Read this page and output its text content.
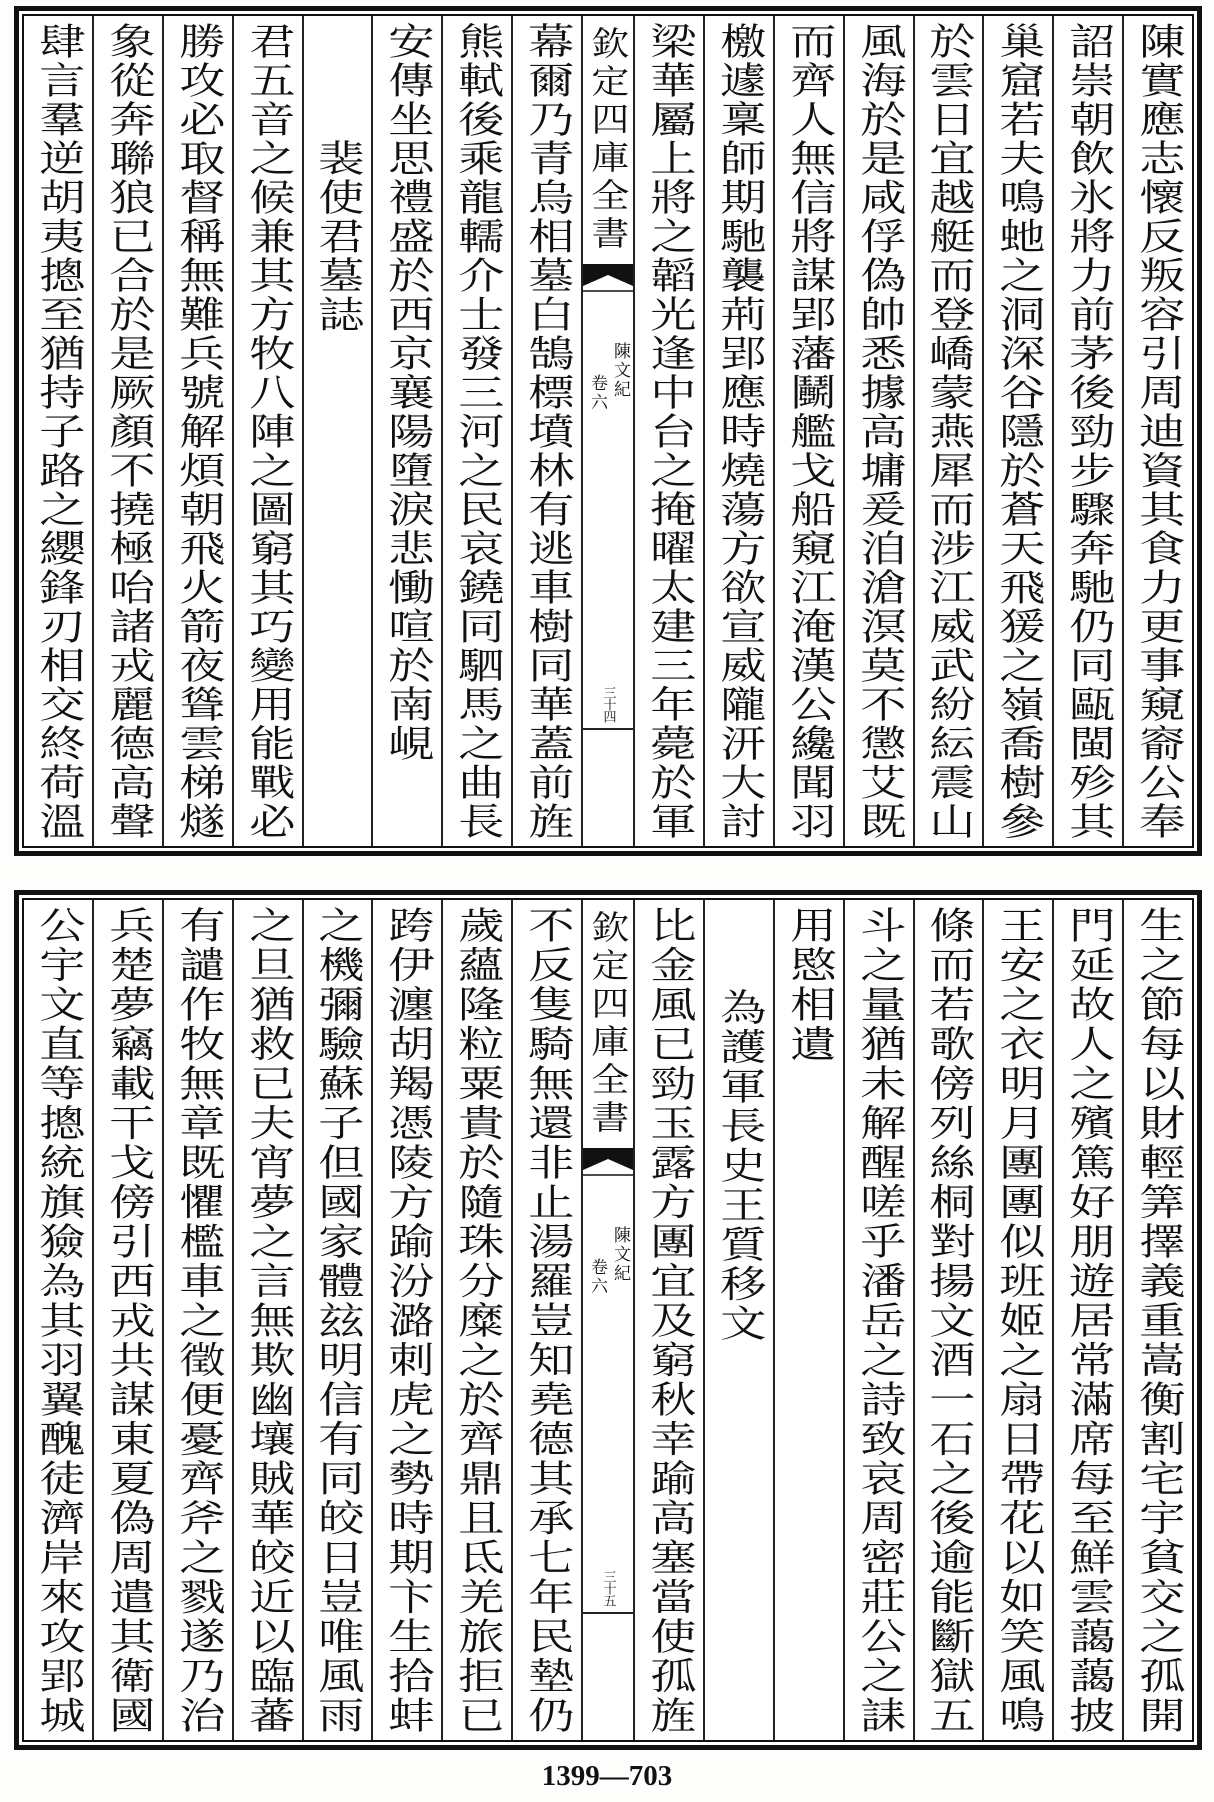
陳實應志懷反叛容引周迪資其食力更事窺窬公奉
詔崇朝飲氷將力前茅後勁步驟奔馳仍同甌閩殄其
巢窟若夫鳴虵之洞深谷隱於蒼天飛猨之嶺喬樹參
於雲日宜越艇而登嶠蒙燕犀而涉江威武紛紜震山
風海於是咸俘偽帥悉據高墉爰洎滄溟莫不懲艾既
而齊人無信將謀郢藩鬭艦戈船窺江淹漢公纔聞羽
檄遽稟師期馳襲荊郢應時燒蕩方欲宣威隴汧大討
梁華屬上將之韜光逢中台之掩曜太建三年薨於軍
欽定四庫全書
陳文紀
卷六
三十四
幕爾乃青烏相墓白鵠標墳林有逃車樹同華蓋前旌
熊軾後乘龍轜介士發三河之民哀鐃同駟馬之曲長
安傳坐思禮盛於西京襄陽墮淚悲慟喧於南峴
裴使君墓誌
君五音之候兼其方牧八陣之圖窮其巧變用能戰必
勝攻必取督稱無難兵號解煩朝飛火箭夜聳雲梯燧
象從奔聯狼已合於是厥顏不撓極咍諸戎麗德高聲
肆言羣逆胡夷摠至猶持子路之纓鋒刃相交終荷溫
生之節每以財輕筭擇義重嵩衡割宅宇貧交之孤開
門延故人之殯篤好朋遊居常滿席每至鮮雲藹藹披
王安之衣明月團團似班姬之扇日帶花以如笑風鳴
條而若歌傍列絲桐對揚文酒一石之後逾能斷獄五
斗之量猶未解醒嗟乎潘岳之詩致哀周密莊公之誄
用愍相遺
為護軍長史王質移文
比金風已勁玉露方團宜及窮秋幸踰高塞當使孤旌
欽定四庫全書
陳文紀
卷六
三十五
不反隻騎無還非止湯羅豈知堯德其承七年民墊仍
歲蘊隆粒粟貴於隨珠分糜之於齊鼎且氐羌旅拒已
跨伊瀍胡羯憑陵方踰汾潞刺虎之勢時期卞生拾蚌
之機彌驗蘇子但國家體玆明信有同皎日豈唯風雨
之旦猶救已夫宵夢之言無欺幽壤賊華皎近以臨蕃
有譴作牧無章既懼檻車之徵便憂齊斧之戮遂乃治
兵楚夢竊載干戈傍引西戎共謀東夏偽周遣其衛國
公宇文直等摠統旗獫為其羽翼醜徒濟岸來攻郢城
1399—703
